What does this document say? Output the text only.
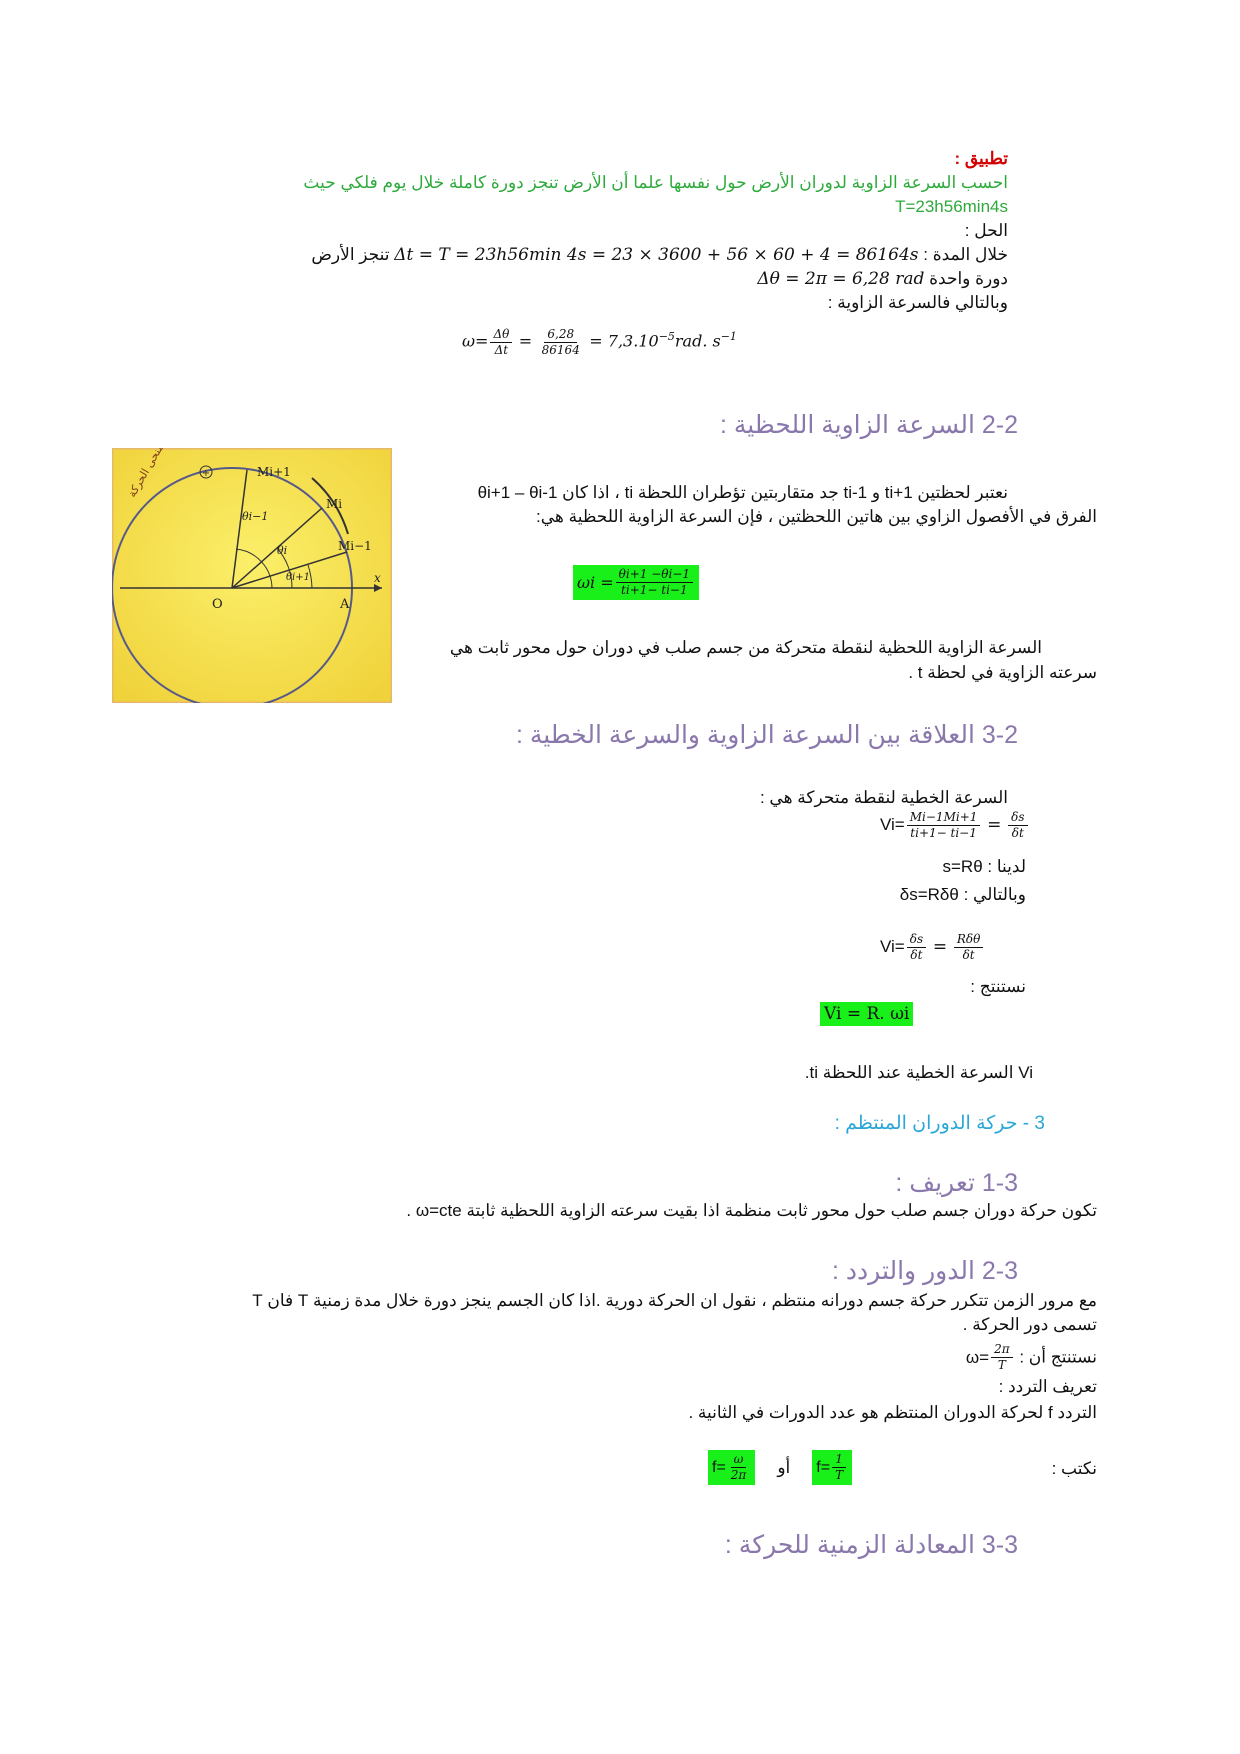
تطبيق :
احسب السرعة الزاوية لدوران الأرض حول نفسها علما أن الأرض تنجز دورة كاملة خلال يوم فلكي حيث
T=23h56min4s
الحل :
خلال المدة : Δt = T = 23h56min 4s = 23 × 3600 + 56 × 60 + 4 = 86164s تنجز الأرض
دورة واحدة Δθ = 2π = 6,28 rad
وبالتالي فالسرعة الزاوية :
$\omega= \frac{\Delta\theta}{\Delta t} = \frac{6,28}{86164} = 7,3.10^{-5}rad$. $s^{-1}$
2-2 السرعة الزاوية اللحظية :
+	Mi+1
Mi
Mi−1
O	A
x
θi−1
θi
θi+1
منحى الحركة	نعتبر لحظتين ti+1 و ti-1 جد متقاربتين تؤطران اللحظة ti ، اذا كان θi+1 – θi-1
الفرق في الأفصول الزاوي بين هاتين اللحظتين ، فإن السرعة الزاوية اللحظية هي:
$\omega i = \frac{\theta i+1 -\theta i-1}{ti+1- ti-1}$
السرعة الزاوية اللحظية لنقطة متحركة من جسم صلب في دوران حول محور ثابت هي
سرعته الزاوية في لحظة t .
3-2 العلاقة بين السرعة الزاوية والسرعة الخطية :
السرعة الخطية لنقطة متحركة هي :
$Vi= \frac{Mi-1Mi+1}{ti+1- ti-1} = \frac{\delta s}{\delta t}$
لدينا : s=Rθ
وبالتالي : δs=Rδθ
$Vi= \frac{\delta s}{\delta t} = \frac{\text{Rδθ}}{\delta t}$
نستنتج :
Vi = R. ωi
Vi السرعة الخطية عند اللحظة ti.
3 - حركة الدوران المنتظم :
1-3 تعريف :
تكون حركة دوران جسم صلب حول محور ثابت منظمة اذا بقيت سرعته الزاوية اللحظية ثابتة ω=cte .
2-3 الدور والتردد :
مع مرور الزمن تتكرر حركة جسم دورانه منتظم ، نقول ان الحركة دورية .اذا كان الجسم ينجز دورة خلال مدة زمنية T فان T
تسمى دور الحركة .
نستنتج أن :
$\omega= \frac{2\pi}{T}$
تعريف التردد :
التردد f لحركة الدوران المنتظم هو عدد الدورات في الثانية .
نكتب :
$f= \frac{\omega}{2\pi}$ أو $f= \frac{1}{T}$
3-3 المعادلة الزمنية للحركة :
